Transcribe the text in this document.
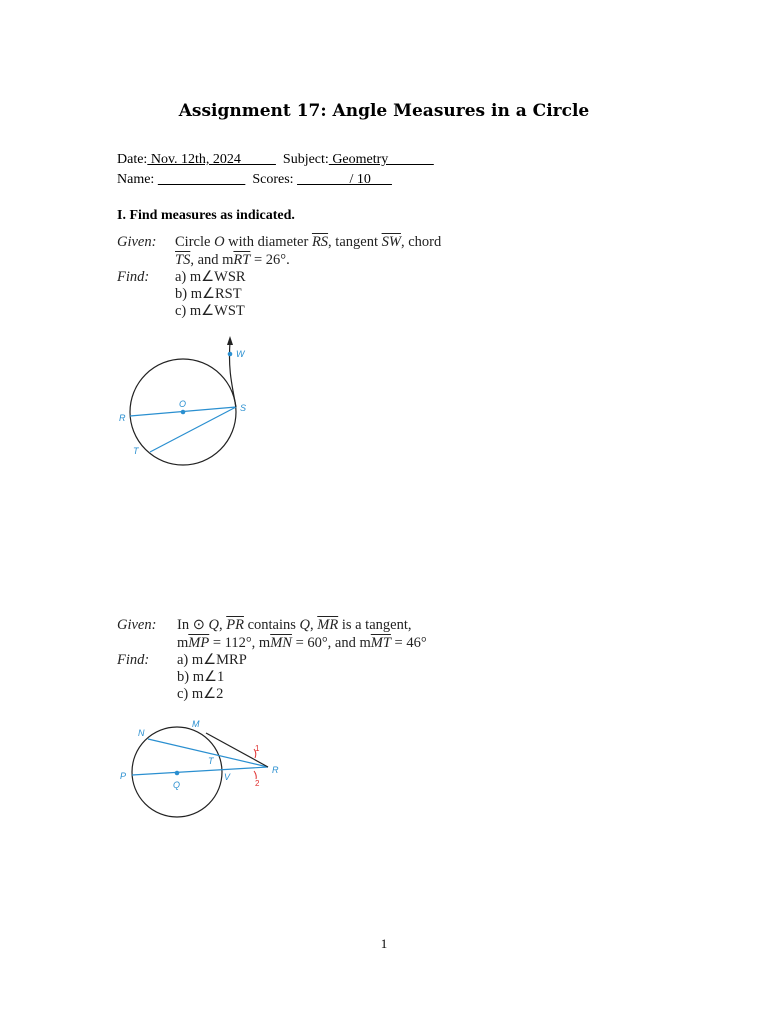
Assignment 17: Angle Measures in a Circle
Date: Nov. 12th, 2024            Subject: Geometry
Name:	Scores:                / 10
I. Find measures as indicated.
Given: Circle O with diameter $\overline{RS}$, tangent $\overline{SW}$, chord
$\overline{TS}$, and $m\overline{RT} = 26^\circ$.
Find: a) m∠WSR
b) m∠RST
c) m∠WST
W
O	S
R
T
Given: In ⊙ Q, $\overline{PR}$ contains Q, $\overline{MR}$ is a tangent,
$m\overline{MP} = 112^\circ$, $m\overline{MN} = 60^\circ$, and $m\overline{MT} = 46^\circ$
Find: a) m∠MRP
b) m∠1
c) m∠2
N
M
T
P
Q
V
R
1
2
1
